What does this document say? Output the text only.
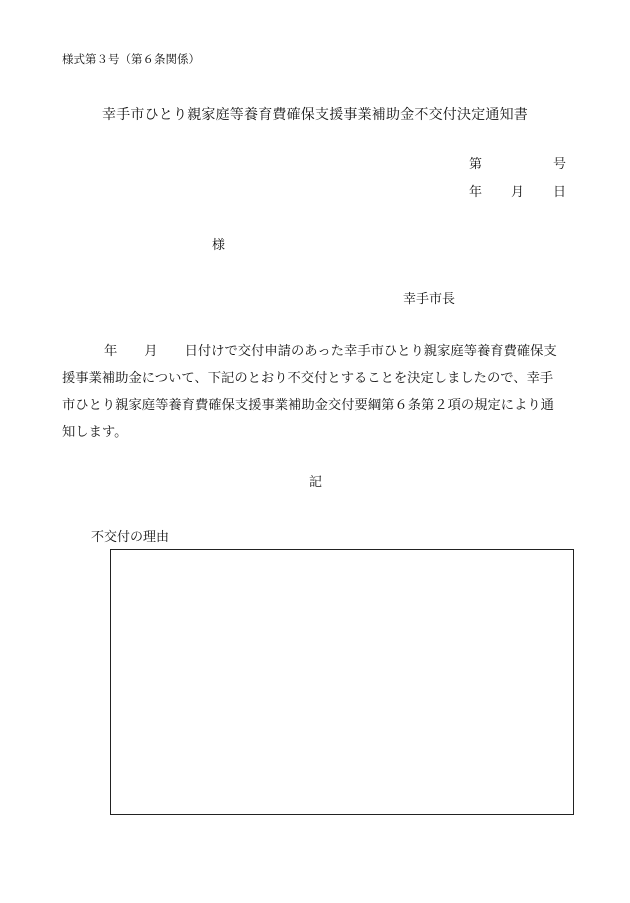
様式第３号（第６条関係）
幸手市ひとり親家庭等養育費確保支援事業補助金不交付決定通知書
第	号
年 月 日
様
幸手市長
年 月 日付けで交付申請のあった幸手市ひとり親家庭等養育費確保支
援事業補助金について、下記のとおり不交付とすることを決定しましたので、幸手
市ひとり親家庭等養育費確保支援事業補助金交付要綱第６条第２項の規定により通
知します。
記
不交付の理由
